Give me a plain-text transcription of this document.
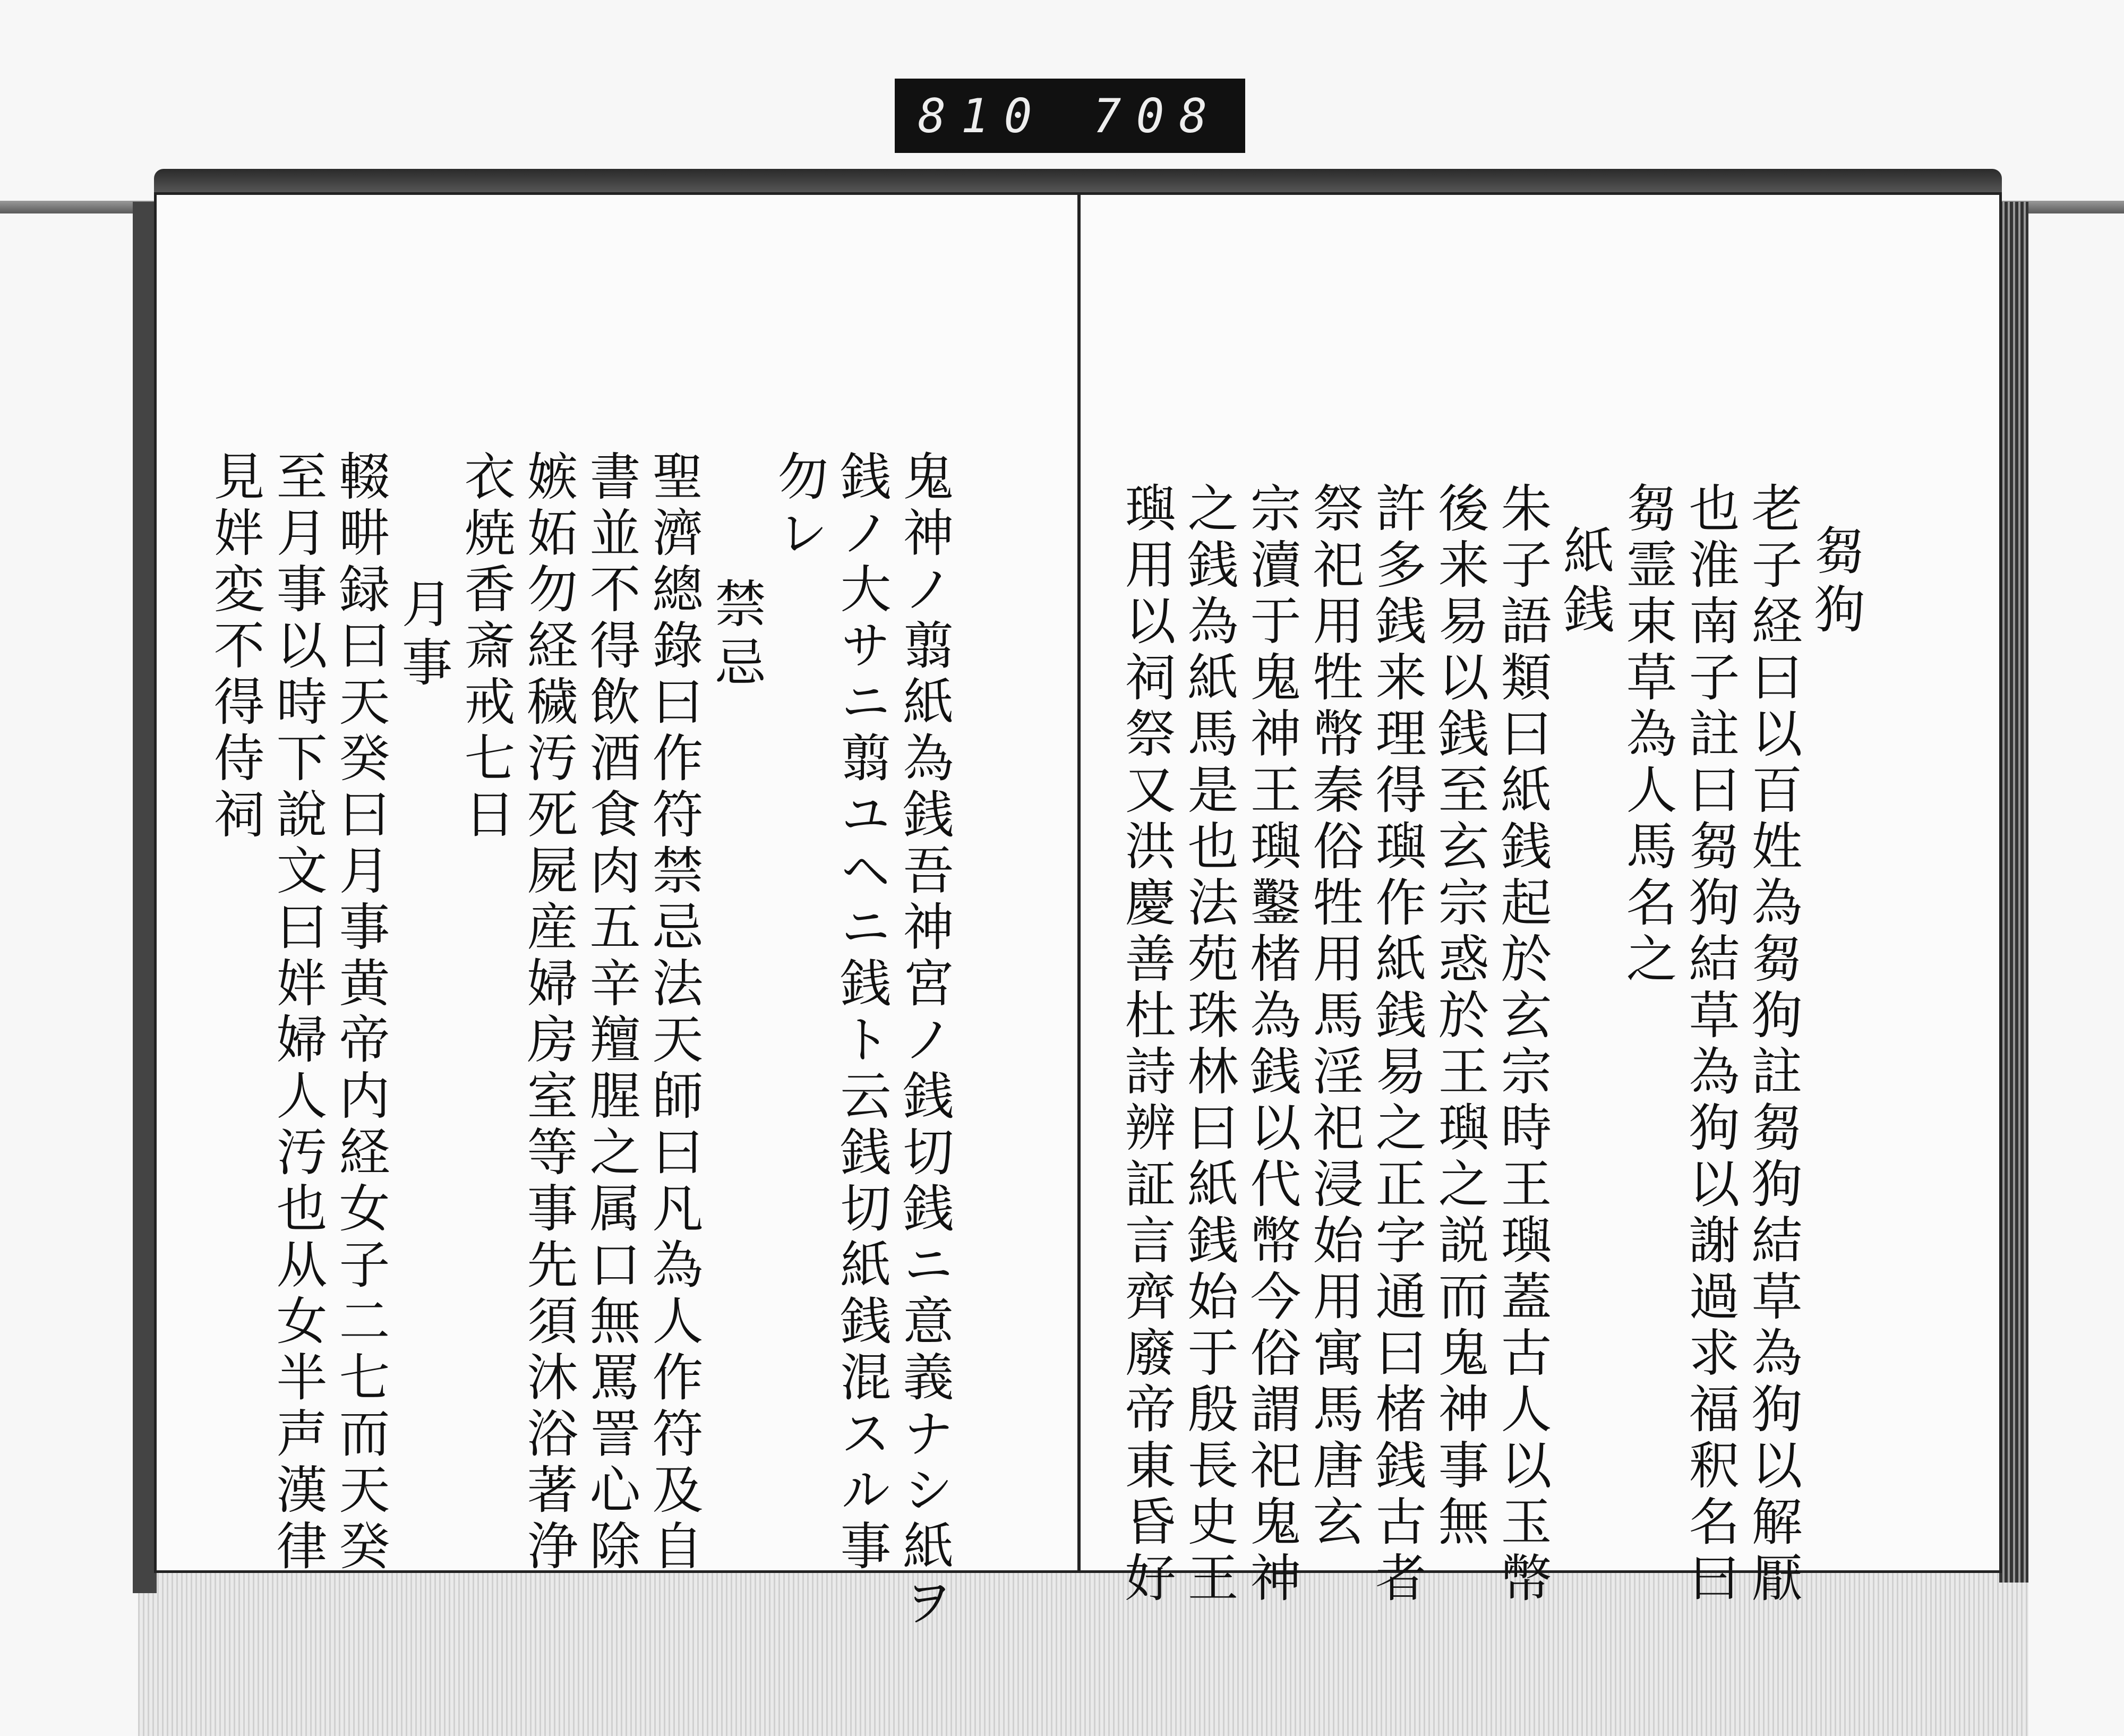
810 708
鬼神ノ翦紙為銭吾神宮ノ銭切銭ニ意義ナシ紙ヲ
銭ノ大サニ翦ユヘニ銭ト云銭切紙銭混スル事
勿レ
禁忌
聖濟總錄曰作符禁忌法天師曰凡為人作符及自
書並不得飲酒食肉五辛羶腥之属口無罵詈心除
嫉妬勿経穢汚死屍産婦房室等事先須沐浴著浄
衣焼香斎戒七日
月事
輟畊録曰天癸曰月事黄帝内経女子二七而天癸
至月事以時下說文曰姅婦人汚也从女半声漢律
見姅変不得侍祠	芻狗
老子経曰以百姓為芻狗註芻狗結草為狗以解厭
也淮南子註曰芻狗結草為狗以謝過求福釈名曰
芻霊束草為人馬名之
紙銭
朱子語類曰紙銭起於玄宗時王璵蓋古人以玉幣
後来易以銭至玄宗惑於王璵之説而鬼神事無
許多銭来理得璵作紙銭易之正字通曰楮銭古者
祭祀用牲幣秦俗牲用馬淫祀浸始用寓馬唐玄
宗瀆于鬼神王璵鑿楮為銭以代幣今俗謂祀鬼神
之銭為紙馬是也法苑珠林曰紙銭始于殷長史王
璵用以祠祭又洪慶善杜詩辨証言齊廢帝東昏好
